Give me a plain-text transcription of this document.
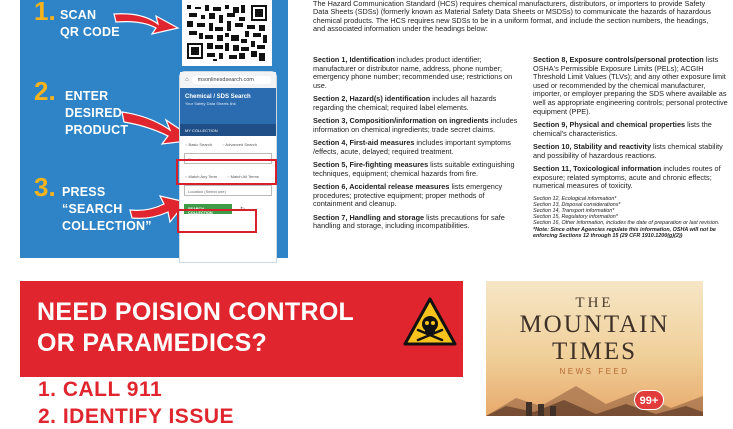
1. SCAN
QR CODE
2. ENTER
DESIRED
PRODUCT
3. PRESS
“SEARCH
COLLECTION”
⌂	msonlinesdsearch.com
Chemical / SDS Search
Your Safety Data Sheets link
MY COLLECTION
○ Basic Search	○ Advanced Search
Search
○ Match Any Term	○ Match All Terms
Location (Select one)
SEARCH COLLECTION
↻
The Hazard Communication Standard (HCS) requires chemical manufacturers, distributors, or importers to provide Safety Data Sheets (SDSs) (formerly known as Material Safety Data Sheets or MSDSs) to communicate the hazards of hazardous chemical products. The HCS requires new SDSs to be in a uniform format, and include the section numbers, the headings, and associated information under the headings below:

Section 1, Identification includes product identifier; manufacturer or distributor name, address, phone number; emergency phone number; recommended use; restrictions on use.

Section 2, Hazard(s) identification includes all hazards regarding the chemical; required label elements.

Section 3, Composition/information on ingredients includes information on chemical ingredients; trade secret claims.

Section 4, First-aid measures includes important symptoms /effects, acute, delayed; required treatment.

Section 5, Fire-fighting measures lists suitable extinguishing techniques, equipment; chemical hazards from fire.

Section 6, Accidental release measures lists emergency procedures; protective equipment; proper methods of containment and cleanup.

Section 7, Handling and storage lists precautions for safe handling and storage, including incompatibilities.

Section 8, Exposure controls/personal protection lists OSHA's Permissible Exposure Limits (PELs); ACGIH Threshold Limit Values (TLVs); and any other exposure limit used or recommended by the chemical manufacturer, importer, or employer preparing the SDS where available as well as appropriate engineering controls; personal protective equipment (PPE).

Section 9, Physical and chemical properties lists the chemical's characteristics.

Section 10, Stability and reactivity lists chemical stability and possibility of hazardous reactions.

Section 11, Toxicological information includes routes of exposure; related symptoms, acute and chronic effects; numerical measures of toxicity.

Section 12, Ecological information*

Section 13, Disposal considerations*

Section 14, Transport information*

Section 15, Regulatory information*

Section 16, Other information, includes the date of preparation or last revision.

*Note: Since other Agencies regulate this information, OSHA will not be

enforcing Sections 12 through 15 (29 CFR 1910.1200(g)(2))

NEED POISION CONTROL
OR PARAMEDICS?
1. CALL 911
2. IDENTIFY ISSUE
THE
MOUNTAIN
TIMES
NEWS FEED
99+
